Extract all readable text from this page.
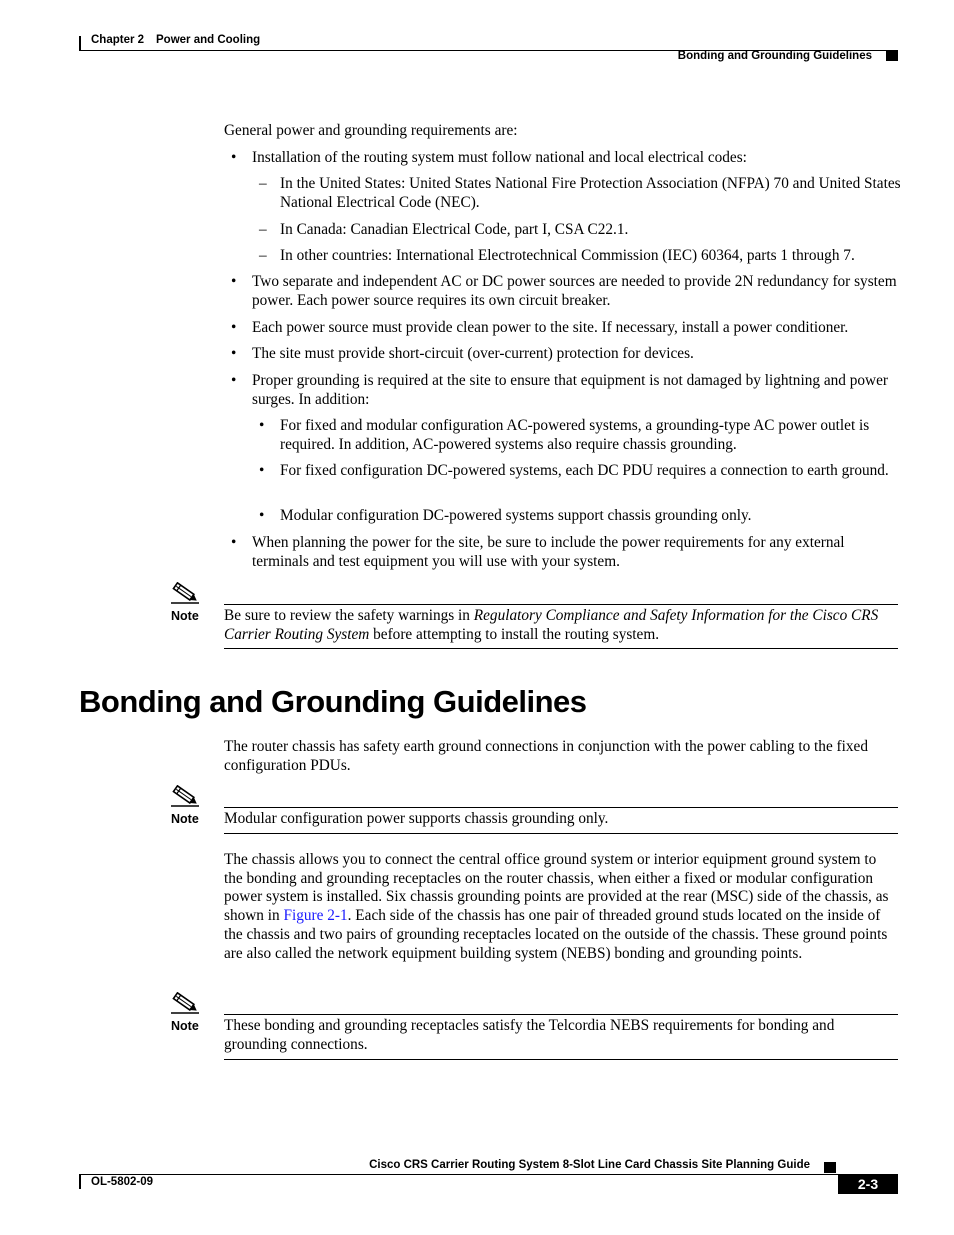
Chapter 2 Power and Cooling
Bonding and Grounding Guidelines
General power and grounding requirements are:
• Installation of the routing system must follow national and local electrical codes:
– In the United States: United States National Fire Protection Association (NFPA) 70 and United States National Electrical Code (NEC).
– In Canada: Canadian Electrical Code, part I, CSA C22.1.
– In other countries: International Electrotechnical Commission (IEC) 60364, parts 1 through 7.
• Two separate and independent AC or DC power sources are needed to provide 2N redundancy for system power. Each power source requires its own circuit breaker.
• Each power source must provide clean power to the site. If necessary, install a power conditioner.
• The site must provide short-circuit (over-current) protection for devices.
• Proper grounding is required at the site to ensure that equipment is not damaged by lightning and power surges. In addition:
• For fixed and modular configuration AC-powered systems, a grounding-type AC power outlet is required. In addition, AC-powered systems also require chassis grounding.
• For fixed configuration DC-powered systems, each DC PDU requires a connection to earth ground.
• Modular configuration DC-powered systems support chassis grounding only.
• When planning the power for the site, be sure to include the power requirements for any external terminals and test equipment you will use with your system.
Note Be sure to review the safety warnings in Regulatory Compliance and Safety Information for the Cisco CRS Carrier Routing System before attempting to install the routing system.
Bonding and Grounding Guidelines
The router chassis has safety earth ground connections in conjunction with the power cabling to the fixed configuration PDUs.
Note Modular configuration power supports chassis grounding only.
The chassis allows you to connect the central office ground system or interior equipment ground system to the bonding and grounding receptacles on the router chassis, when either a fixed or modular configuration power system is installed. Six chassis grounding points are provided at the rear (MSC) side of the chassis, as shown in Figure 2-1. Each side of the chassis has one pair of threaded ground studs located on the inside of the chassis and two pairs of grounding receptacles located on the outside of the chassis. These ground points are also called the network equipment building system (NEBS) bonding and grounding points.
Note These bonding and grounding receptacles satisfy the Telcordia NEBS requirements for bonding and grounding connections.
Cisco CRS Carrier Routing System 8-Slot Line Card Chassis Site Planning Guide
OL-5802-09	2-3
